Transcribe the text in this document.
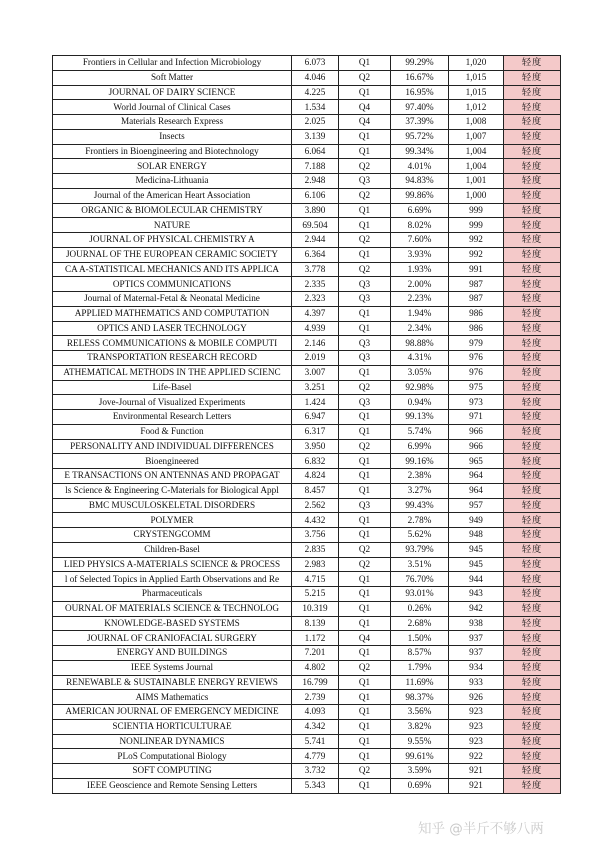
Frontiers in Cellular and Infection Microbiology	6.073	Q1	99.29%	1,020	轻度
Soft Matter	4.046	Q2	16.67%	1,015	轻度
JOURNAL OF DAIRY SCIENCE	4.225	Q1	16.95%	1,015	轻度
World Journal of Clinical Cases	1.534	Q4	97.40%	1,012	轻度
Materials Research Express	2.025	Q4	37.39%	1,008	轻度
Insects	3.139	Q1	95.72%	1,007	轻度
Frontiers in Bioengineering and Biotechnology	6.064	Q1	99.34%	1,004	轻度
SOLAR ENERGY	7.188	Q2	4.01%	1,004	轻度
Medicina-Lithuania	2.948	Q3	94.83%	1,001	轻度
Journal of the American Heart Association	6.106	Q2	99.86%	1,000	轻度
ORGANIC & BIOMOLECULAR CHEMISTRY	3.890	Q1	6.69%	999	轻度
NATURE	69.504	Q1	8.02%	999	轻度
JOURNAL OF PHYSICAL CHEMISTRY A	2.944	Q2	7.60%	992	轻度
JOURNAL OF THE EUROPEAN CERAMIC SOCIETY	6.364	Q1	3.93%	992	轻度
CA A-STATISTICAL MECHANICS AND ITS APPLICA	3.778	Q2	1.93%	991	轻度
OPTICS COMMUNICATIONS	2.335	Q3	2.00%	987	轻度
Journal of Maternal-Fetal & Neonatal Medicine	2.323	Q3	2.23%	987	轻度
APPLIED MATHEMATICS AND COMPUTATION	4.397	Q1	1.94%	986	轻度
OPTICS AND LASER TECHNOLOGY	4.939	Q1	2.34%	986	轻度
RELESS COMMUNICATIONS & MOBILE COMPUTI	2.146	Q3	98.88%	979	轻度
TRANSPORTATION RESEARCH RECORD	2.019	Q3	4.31%	976	轻度
ATHEMATICAL METHODS IN THE APPLIED SCIENC	3.007	Q1	3.05%	976	轻度
Life-Basel	3.251	Q2	92.98%	975	轻度
Jove-Journal of Visualized Experiments	1.424	Q3	0.94%	973	轻度
Environmental Research Letters	6.947	Q1	99.13%	971	轻度
Food & Function	6.317	Q1	5.74%	966	轻度
PERSONALITY AND INDIVIDUAL DIFFERENCES	3.950	Q2	6.99%	966	轻度
Bioengineered	6.832	Q1	99.16%	965	轻度
E TRANSACTIONS ON ANTENNAS AND PROPAGAT	4.824	Q1	2.38%	964	轻度
ls Science & Engineering C-Materials for Biological Appl	8.457	Q1	3.27%	964	轻度
BMC MUSCULOSKELETAL DISORDERS	2.562	Q3	99.43%	957	轻度
POLYMER	4.432	Q1	2.78%	949	轻度
CRYSTENGCOMM	3.756	Q1	5.62%	948	轻度
Children-Basel	2.835	Q2	93.79%	945	轻度
LIED PHYSICS A-MATERIALS SCIENCE & PROCESS	2.983	Q2	3.51%	945	轻度
l of Selected Topics in Applied Earth Observations and Re	4.715	Q1	76.70%	944	轻度
Pharmaceuticals	5.215	Q1	93.01%	943	轻度
OURNAL OF MATERIALS SCIENCE & TECHNOLOG	10.319	Q1	0.26%	942	轻度
KNOWLEDGE-BASED SYSTEMS	8.139	Q1	2.68%	938	轻度
JOURNAL OF CRANIOFACIAL SURGERY	1.172	Q4	1.50%	937	轻度
ENERGY AND BUILDINGS	7.201	Q1	8.57%	937	轻度
IEEE Systems Journal	4.802	Q2	1.79%	934	轻度
RENEWABLE & SUSTAINABLE ENERGY REVIEWS	16.799	Q1	11.69%	933	轻度
AIMS Mathematics	2.739	Q1	98.37%	926	轻度
AMERICAN JOURNAL OF EMERGENCY MEDICINE	4.093	Q1	3.56%	923	轻度
SCIENTIA HORTICULTURAE	4.342	Q1	3.82%	923	轻度
NONLINEAR DYNAMICS	5.741	Q1	9.55%	923	轻度
PLoS Computational Biology	4.779	Q1	99.61%	922	轻度
SOFT COMPUTING	3.732	Q2	3.59%	921	轻度
IEEE Geoscience and Remote Sensing Letters	5.343	Q1	0.69%	921	轻度
知乎 @半斤不够八两
